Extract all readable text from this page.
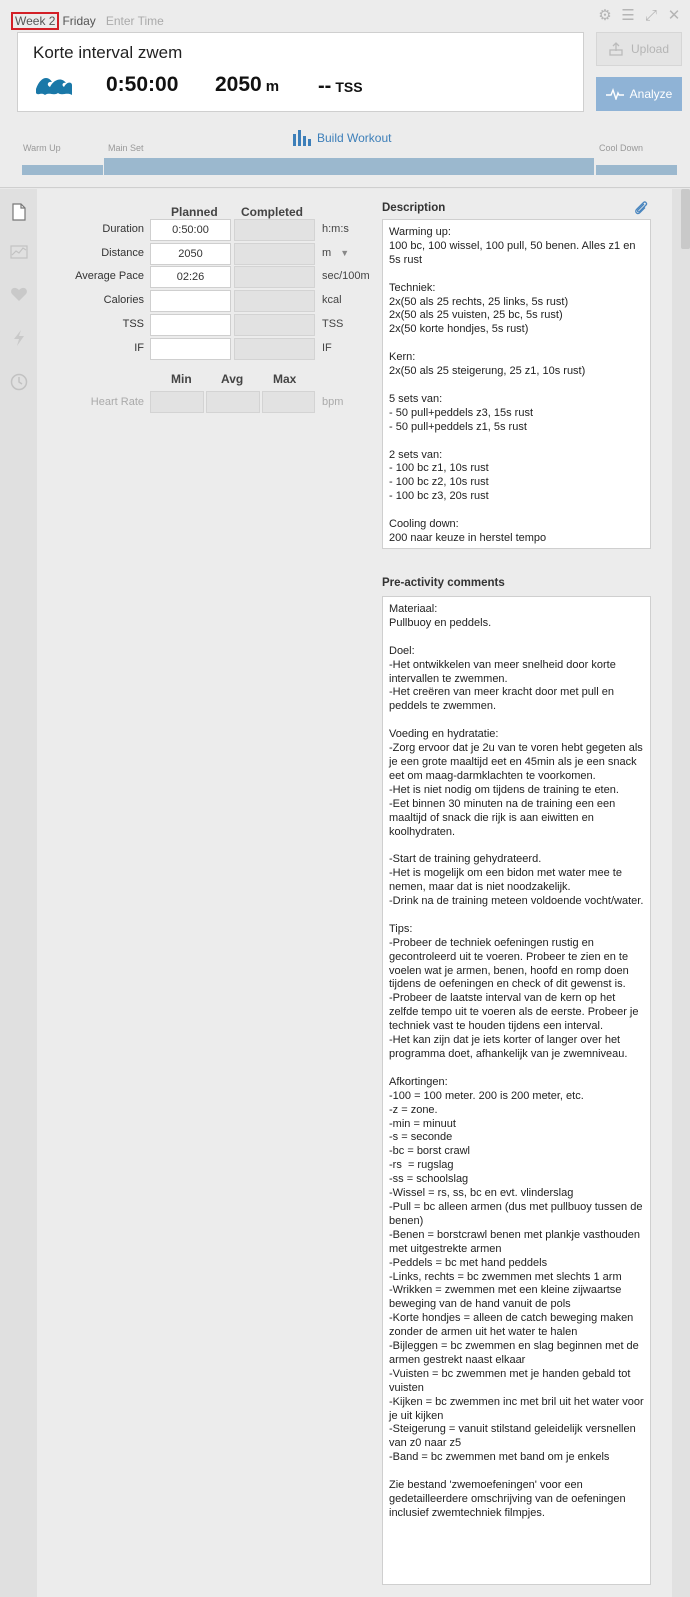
Week 2 Friday Enter Time	⚙ ☰ ⤢ ✕
Korte interval zwem
0:50:00 2050 m -- TSS
Upload
Analyze
Build Workout
Warm Up	Main Set	Cool Down
Planned Completed
Duration	0:50:00	h:m:s
Distance	2050	m ▼
Average Pace	02:26	sec/100m
Calories	kcal
TSS	TSS
IF	IF
Min Avg Max
Heart Rate	bpm
Description
Warming up:
100 bc, 100 wissel, 100 pull, 50 benen. Alles z1 en 5s rust

Techniek:
2x(50 als 25 rechts, 25 links, 5s rust)
2x(50 als 25 vuisten, 25 bc, 5s rust)
2x(50 korte hondjes, 5s rust)

Kern:
2x(50 als 25 steigerung, 25 z1, 10s rust)

5 sets van:
- 50 pull+peddels z3, 15s rust
- 50 pull+peddels z1, 5s rust

2 sets van:
- 100 bc z1, 10s rust
- 100 bc z2, 10s rust
- 100 bc z3, 20s rust

Cooling down:
200 naar keuze in herstel tempo
Pre-activity comments
Materiaal:
Pullbuoy en peddels.

Doel:
-Het ontwikkelen van meer snelheid door korte intervallen te zwemmen.
-Het creëren van meer kracht door met pull en peddels te zwemmen.

Voeding en hydratatie:
-Zorg ervoor dat je 2u van te voren hebt gegeten als je een grote maaltijd eet en 45min als je een snack eet om maag-darmklachten te voorkomen.
-Het is niet nodig om tijdens de training te eten.
-Eet binnen 30 minuten na de training een een maaltijd of snack die rijk is aan eiwitten en koolhydraten.

-Start de training gehydrateerd.
-Het is mogelijk om een bidon met water mee te nemen, maar dat is niet noodzakelijk.
-Drink na de training meteen voldoende vocht/water.

Tips:
-Probeer de techniek oefeningen rustig en gecontroleerd uit te voeren. Probeer te zien en te voelen wat je armen, benen, hoofd en romp doen tijdens de oefeningen en check of dit gewenst is.
-Probeer de laatste interval van de kern op het zelfde tempo uit te voeren als de eerste. Probeer je techniek vast te houden tijdens een interval.
-Het kan zijn dat je iets korter of langer over het programma doet, afhankelijk van je zwemniveau.

Afkortingen:
-100 = 100 meter. 200 is 200 meter, etc.
-z = zone.
-min = minuut
-s = seconde
-bc = borst crawl
-rs  = rugslag
-ss = schoolslag
-Wissel = rs, ss, bc en evt. vlinderslag
-Pull = bc alleen armen (dus met pullbuoy tussen de benen)
-Benen = borstcrawl benen met plankje vasthouden met uitgestrekte armen
-Peddels = bc met hand peddels
-Links, rechts = bc zwemmen met slechts 1 arm
-Wrikken = zwemmen met een kleine zijwaartse beweging van de hand vanuit de pols
-Korte hondjes = alleen de catch beweging maken zonder de armen uit het water te halen
-Bijleggen = bc zwemmen en slag beginnen met de armen gestrekt naast elkaar
-Vuisten = bc zwemmen met je handen gebald tot vuisten
-Kijken = bc zwemmen inc met bril uit het water voor je uit kijken
-Steigerung = vanuit stilstand geleidelijk versnellen van z0 naar z5
-Band = bc zwemmen met band om je enkels

Zie bestand 'zwemoefeningen' voor een gedetailleerdere omschrijving van de oefeningen inclusief zwemtechniek filmpjes.
